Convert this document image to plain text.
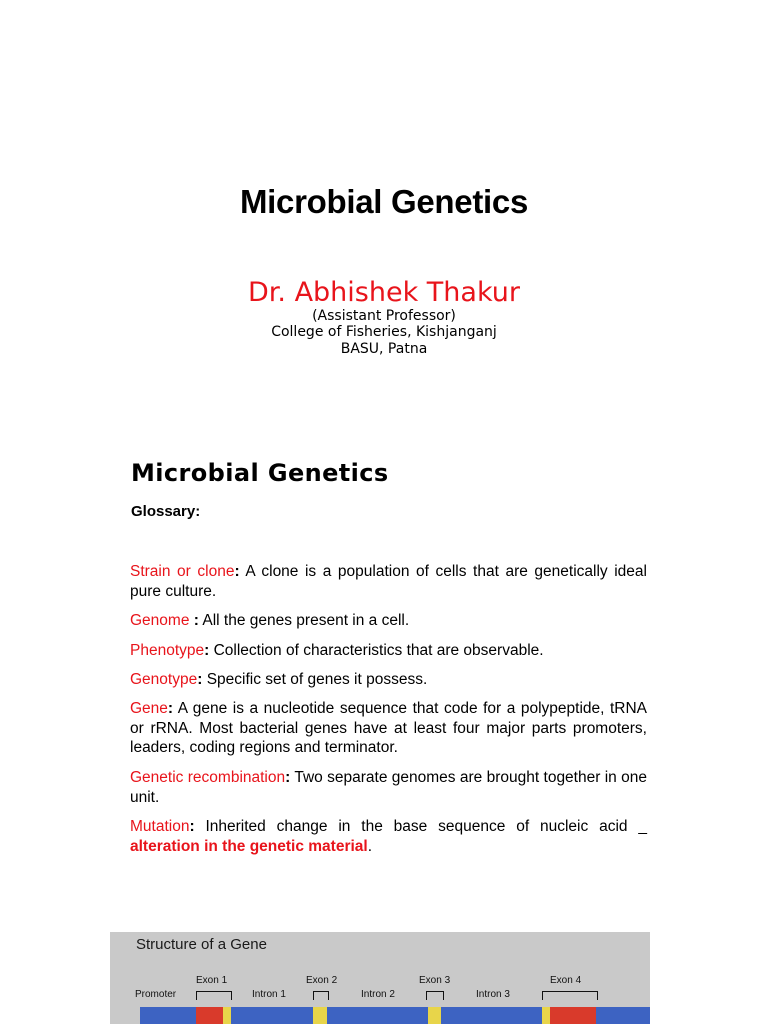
Microbial Genetics
Dr. Abhishek Thakur
(Assistant Professor)
College of Fisheries, Kishjanganj
BASU, Patna
Microbial Genetics
Glossary:
Strain or clone: A clone is a population of cells that are genetically ideal pure culture.
Genome : All the genes present in a cell.
Phenotype: Collection of characteristics that are observable.
Genotype: Specific set of genes it possess.
Gene: A gene is a nucleotide sequence that code for a polypeptide, tRNA or rRNA. Most bacterial genes have at least four major parts promoters, leaders, coding regions and terminator.
Genetic recombination: Two separate genomes are brought together in one unit.
Mutation: Inherited change in the base sequence of nucleic acid _ alteration in the genetic material.
Structure of a Gene
Promoter	Intron 1	Intron 2	Intron 3
Exon 1	Exon 2	Exon 3	Exon 4
